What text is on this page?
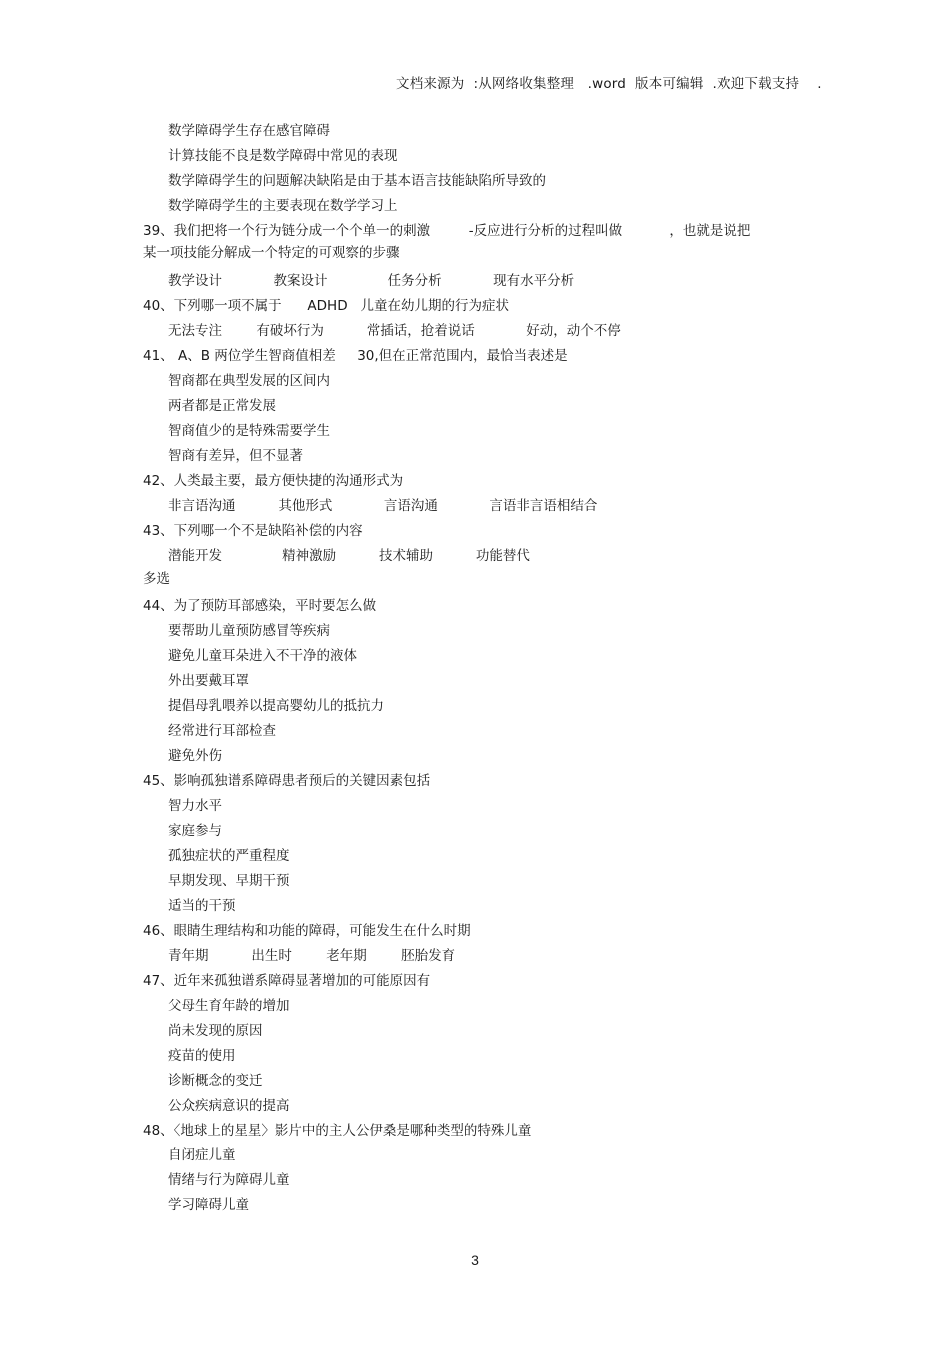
文档来源为  :从网络收集整理   .word  版本可编辑  .欢迎下载支持    .
数学障碍学生存在感官障碍
计算技能不良是数学障碍中常见的表现
数学障碍学生的问题解决缺陷是由于基本语言技能缺陷所导致的
数学障碍学生的主要表现在数学学习上
39、我们把将一个行为链分成一个个单一的刺激         -反应进行分析的过程叫做           ，也就是说把
某一项技能分解成一个特定的可观察的步骤
教学设计            教案设计              任务分析            现有水平分析
40、下列哪一项不属于      ADHD   儿童在幼儿期的行为症状
无法专注        有破坏行为          常插话，抢着说话            好动，动个不停
41、 A、B 两位学生智商值相差     30,但在正常范围内，最恰当表述是
智商都在典型发展的区间内
两者都是正常发展
智商值少的是特殊需要学生
智商有差异，但不显著
42、人类最主要，最方便快捷的沟通形式为
非言语沟通          其他形式            言语沟通            言语非言语相结合
43、下列哪一个不是缺陷补偿的内容
潜能开发              精神激励          技术辅助          功能替代
多选
44、为了预防耳部感染，平时要怎么做
要帮助儿童预防感冒等疾病
避免儿童耳朵进入不干净的液体
外出要戴耳罩
提倡母乳喂养以提高婴幼儿的抵抗力
经常进行耳部检查
避免外伤
45、影响孤独谱系障碍患者预后的关键因素包括
智力水平
家庭参与
孤独症状的严重程度
早期发现、早期干预
适当的干预
46、眼睛生理结构和功能的障碍，可能发生在什么时期
青年期          出生时        老年期        胚胎发育
47、近年来孤独谱系障碍显著增加的可能原因有
父母生育年龄的增加
尚未发现的原因
疫苗的使用
诊断概念的变迁
公众疾病意识的提高
48、〈地球上的星星〉影片中的主人公伊桑是哪种类型的特殊儿童
自闭症儿童
情绪与行为障碍儿童
学习障碍儿童
3
